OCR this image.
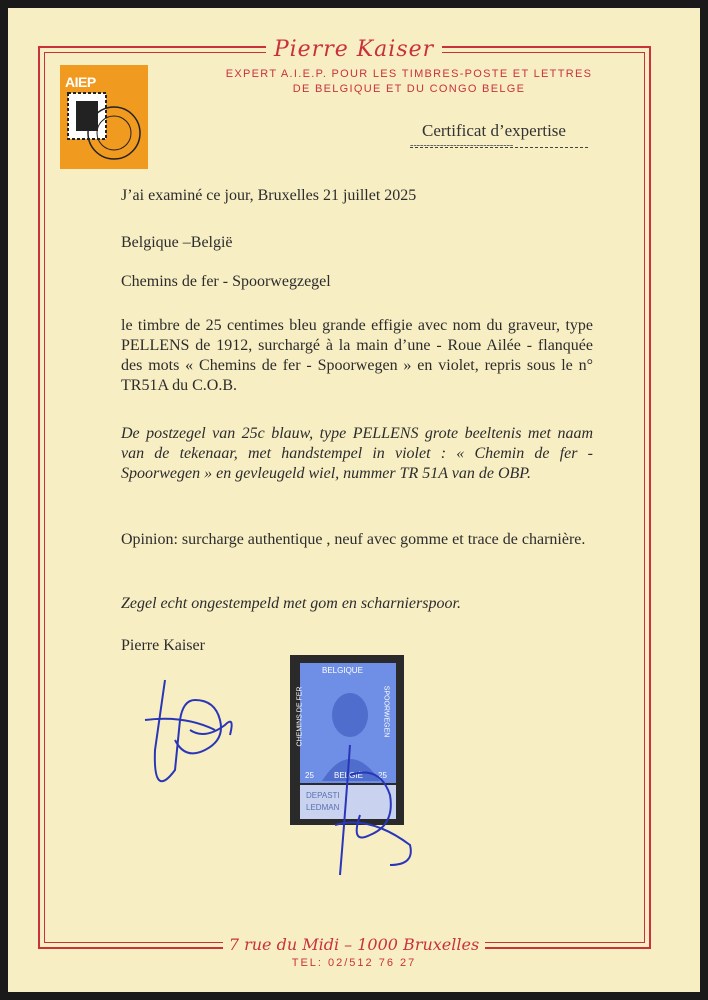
Pierre Kaiser
EXPERT A.I.E.P. POUR LES TIMBRES-POSTE ET LETTRES
DE BELGIQUE ET DU CONGO BELGE
AIEP
Certificat d’expertise
-------------------------------
J’ai examiné ce jour, Bruxelles 21 juillet 2025
Belgique –België
Chemins de fer - Spoorwegzegel
le timbre de 25 centimes bleu grande effigie avec nom du graveur, type PELLENS de 1912, surchargé à la main d’une - Roue Ailée - flanquée des mots « Chemins de fer - Spoorwegen » en violet, repris sous le n° TR51A du C.O.B.
De postzegel van 25c blauw, type PELLENS grote beeltenis met naam van de tekenaar, met handstempel in violet : « Chemin de fer - Spoorwegen » en gevleugeld wiel, nummer TR 51A van de OBP.
Opinion: surcharge authentique , neuf avec gomme et trace de charnière.
Zegel echt ongestempeld met gom en scharnierspoor.
Pierre Kaiser
BELGIQUE
25	BELGIË 25
CHEMINS DE FER	SPOORWEGEN
DEPASTI
LEDMAN
7 rue du Midi – 1000 Bruxelles
TEL: 02/512 76 27
